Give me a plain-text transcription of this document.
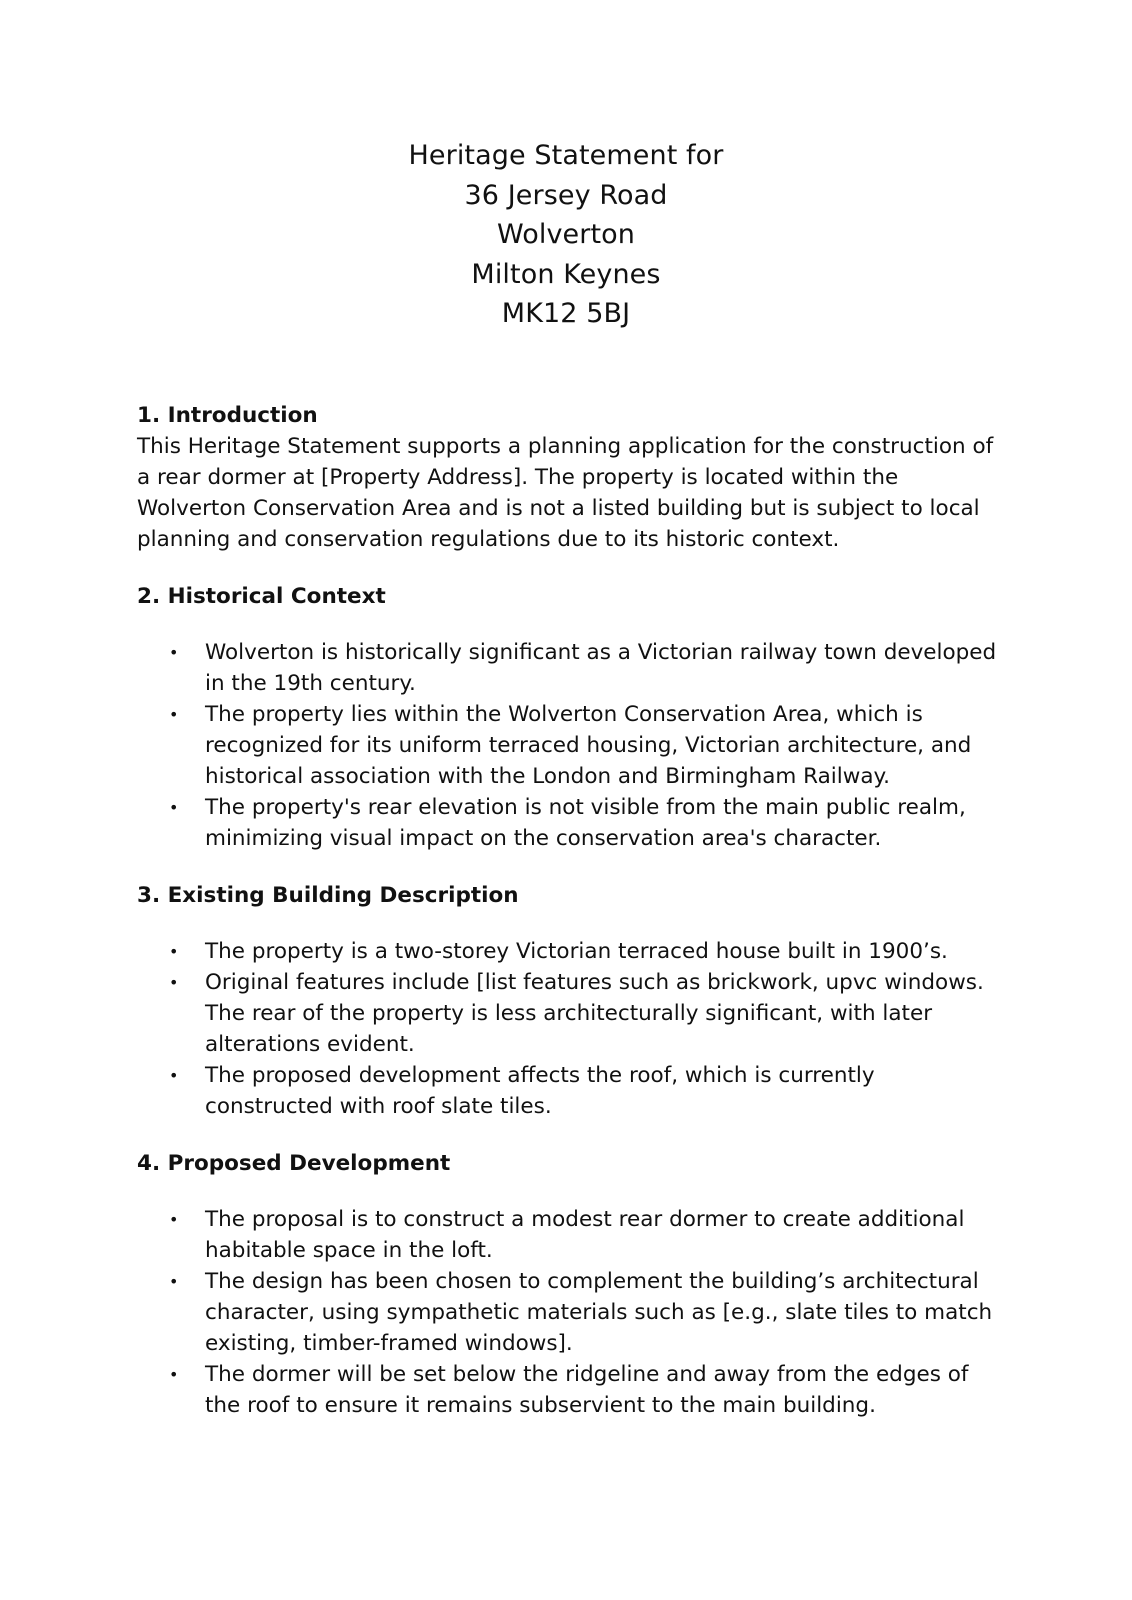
Heritage Statement for
36 Jersey Road
Wolverton
Milton Keynes
MK12 5BJ
1. Introduction

This Heritage Statement supports a planning application for the construction of a rear dormer at [Property Address]. The property is located within the Wolverton Conservation Area and is not a listed building but is subject to local planning and conservation regulations due to its historic context.

2. Historical Context
• Wolverton is historically significant as a Victorian railway town developed in the 19th century.
• The property lies within the Wolverton Conservation Area, which is recognized for its uniform terraced housing, Victorian architecture, and historical association with the London and Birmingham Railway.
• The property's rear elevation is not visible from the main public realm, minimizing visual impact on the conservation area's character.
3. Existing Building Description
• The property is a two-storey Victorian terraced house built in 1900’s.
• Original features include [list features such as brickwork, upvc windows. The rear of the property is less architecturally significant, with later alterations evident.
• The proposed development affects the roof, which is currently constructed with roof slate tiles.
4. Proposed Development
• The proposal is to construct a modest rear dormer to create additional habitable space in the loft.
• The design has been chosen to complement the building’s architectural character, using sympathetic materials such as [e.g., slate tiles to match existing, timber-framed windows].
• The dormer will be set below the ridgeline and away from the edges of the roof to ensure it remains subservient to the main building.
